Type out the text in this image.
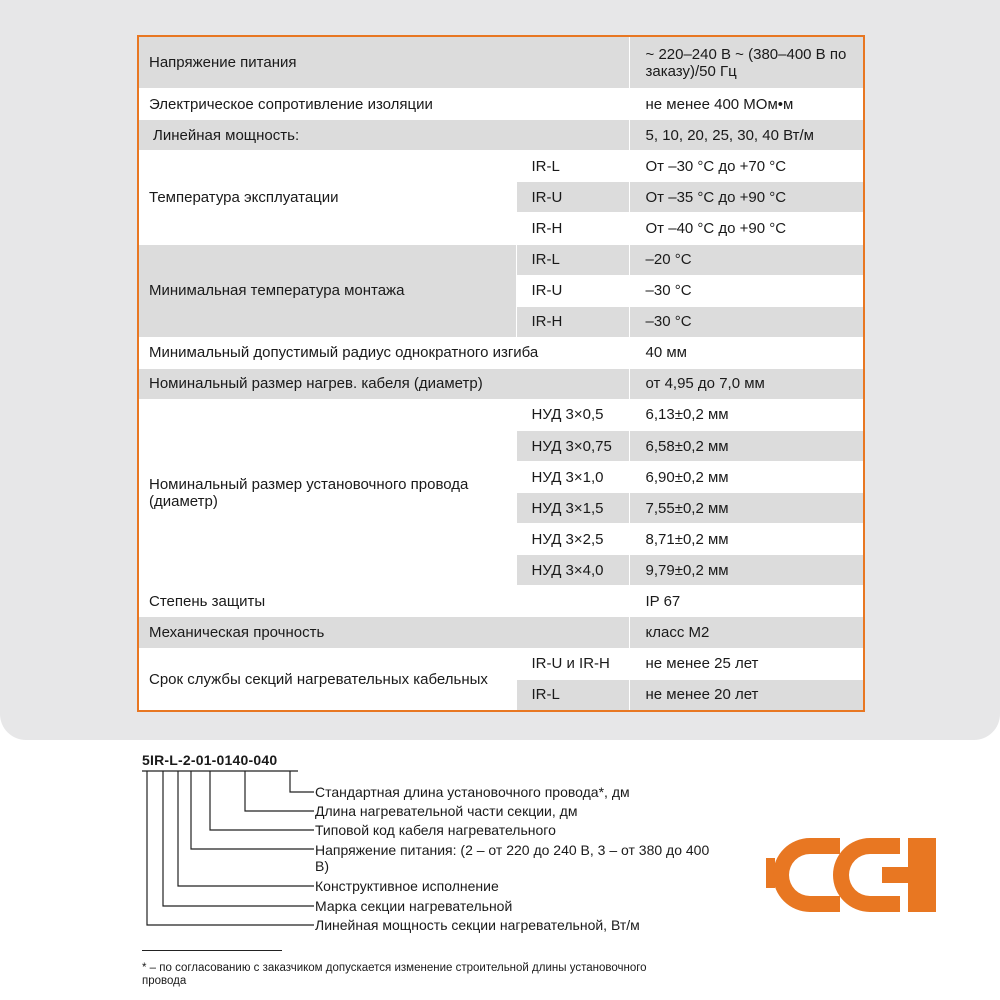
Напряжение питания		~ 220–240 В ~ (380–400 В по заказу)/50 Гц
Электрическое сопротивление изоляции		не менее 400 МОм•м
Линейная мощность:		5, 10, 20, 25, 30, 40 Вт/м
Температура эксплуатации	IR-L	От –30 °C до +70 °C
	IR-U	От –35 °C до +90 °C
	IR-H	От –40 °C до +90 °C
Минимальная температура монтажа	IR-L	–20 °C
	IR-U	–30 °C
	IR-H	–30 °C
Минимальный допустимый радиус однократного изгиба		40 мм
Номинальный размер нагрев. кабеля (диаметр)		от 4,95 до 7,0 мм
Номинальный размер установочного провода (диаметр)	НУД 3×0,5	6,13±0,2 мм
	НУД 3×0,75	6,58±0,2 мм
	НУД 3×1,0	6,90±0,2 мм
	НУД 3×1,5	7,55±0,2 мм
	НУД 3×2,5	8,71±0,2 мм
	НУД 3×4,0	9,79±0,2 мм
Степень защиты		IP 67
Механическая прочность		класс М2
Срок службы секций нагревательных кабельных	IR-U и IR-H	не менее 25 лет
	IR-L	не менее 20 лет
5IR-L-2-01-0140-040
Стандартная длина установочного провода*, дм
Длина нагревательной части секции, дм
Типовой код кабеля нагревательного
Напряжение питания: (2 – от 220 до 240 В, 3 – от 380 до 400 В)
Конструктивное исполнение
Марка секции нагревательной
Линейная мощность секции нагревательной, Вт/м
* – по согласованию с заказчиком допускается изменение строительной длины установочного провода
